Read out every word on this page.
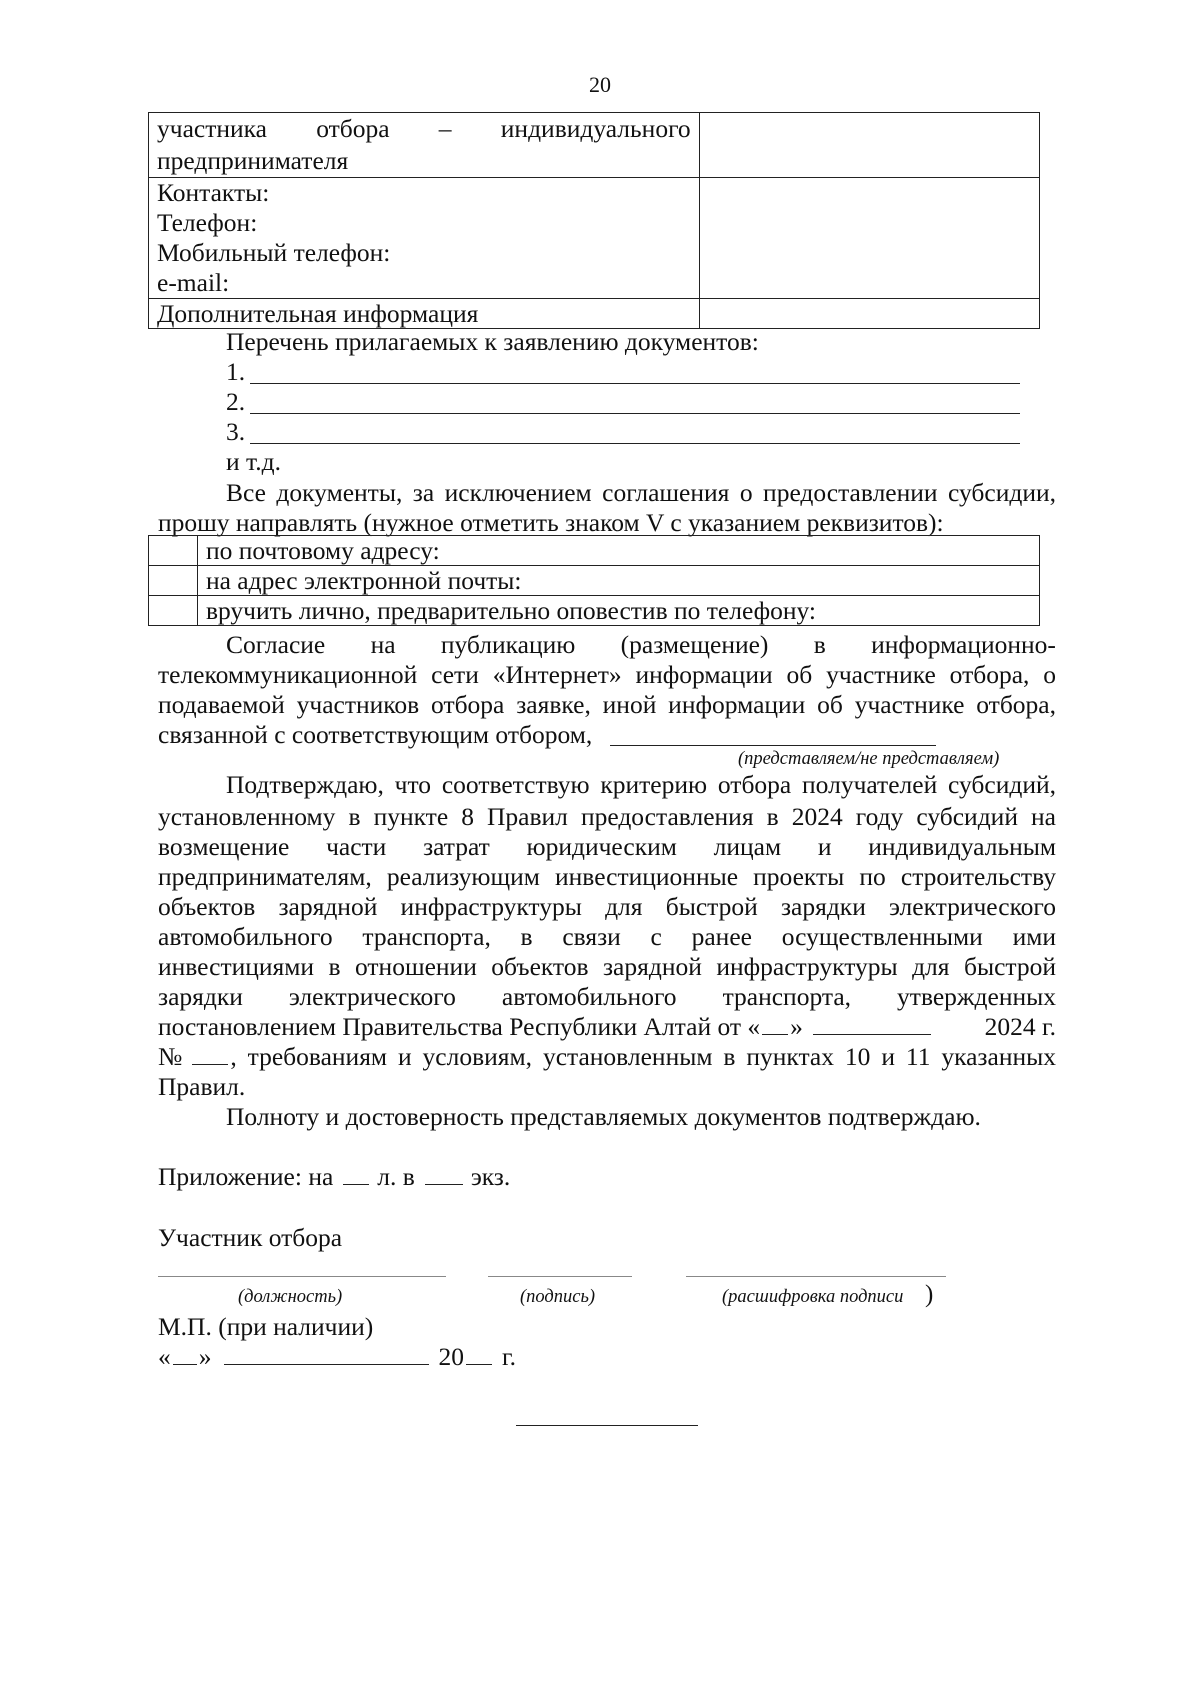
20
участника отбора – индивидуального
предпринимателя	

Контакты:
Телефон:
Мобильный телефон:
e-mail:	

Дополнительная информация	
Перечень прилагаемых к заявлению документов:
1.
2.
3.
и т.д.
Все документы, за исключением соглашения о предоставлении субсидии,
прошу направлять (нужное отметить знаком V с указанием реквизитов):
	по почтовому адресу:
	на адрес электронной почты:
	вручить лично, предварительно оповестив по телефону:
Согласие на публикацию (размещение) в информационно-
телекоммуникационной сети «Интернет» информации об участнике отбора, о
подаваемой участников отбора заявке, иной информации об участнике отбора,
связанной с соответствующим отбором,
(представляем/не представляем)
Подтверждаю, что соответствую критерию отбора получателей субсидий,
установленному в пункте 8 Правил предоставления в 2024 году субсидий на
возмещение части затрат юридическим лицам и индивидуальным
предпринимателям, реализующим инвестиционные проекты по строительству
объектов зарядной инфраструктуры для быстрой зарядки электрического
автомобильного транспорта, в связи с ранее осуществленными ими
инвестициями в отношении объектов зарядной инфраструктуры для быстрой
зарядки электрического автомобильного транспорта, утвержденных
постановлением Правительства Республики Алтай от « »	2024 г.
№ , требованиям и условиям, установленным в пунктах 10 и 11 указанных
Правил.
Полноту и достоверность представляемых документов подтверждаю.
Приложение: на л. в экз.
Участник отбора
(должность)	(подпись)	(расшифровка подписи )
М.П. (при наличии)
« »	20 г.
